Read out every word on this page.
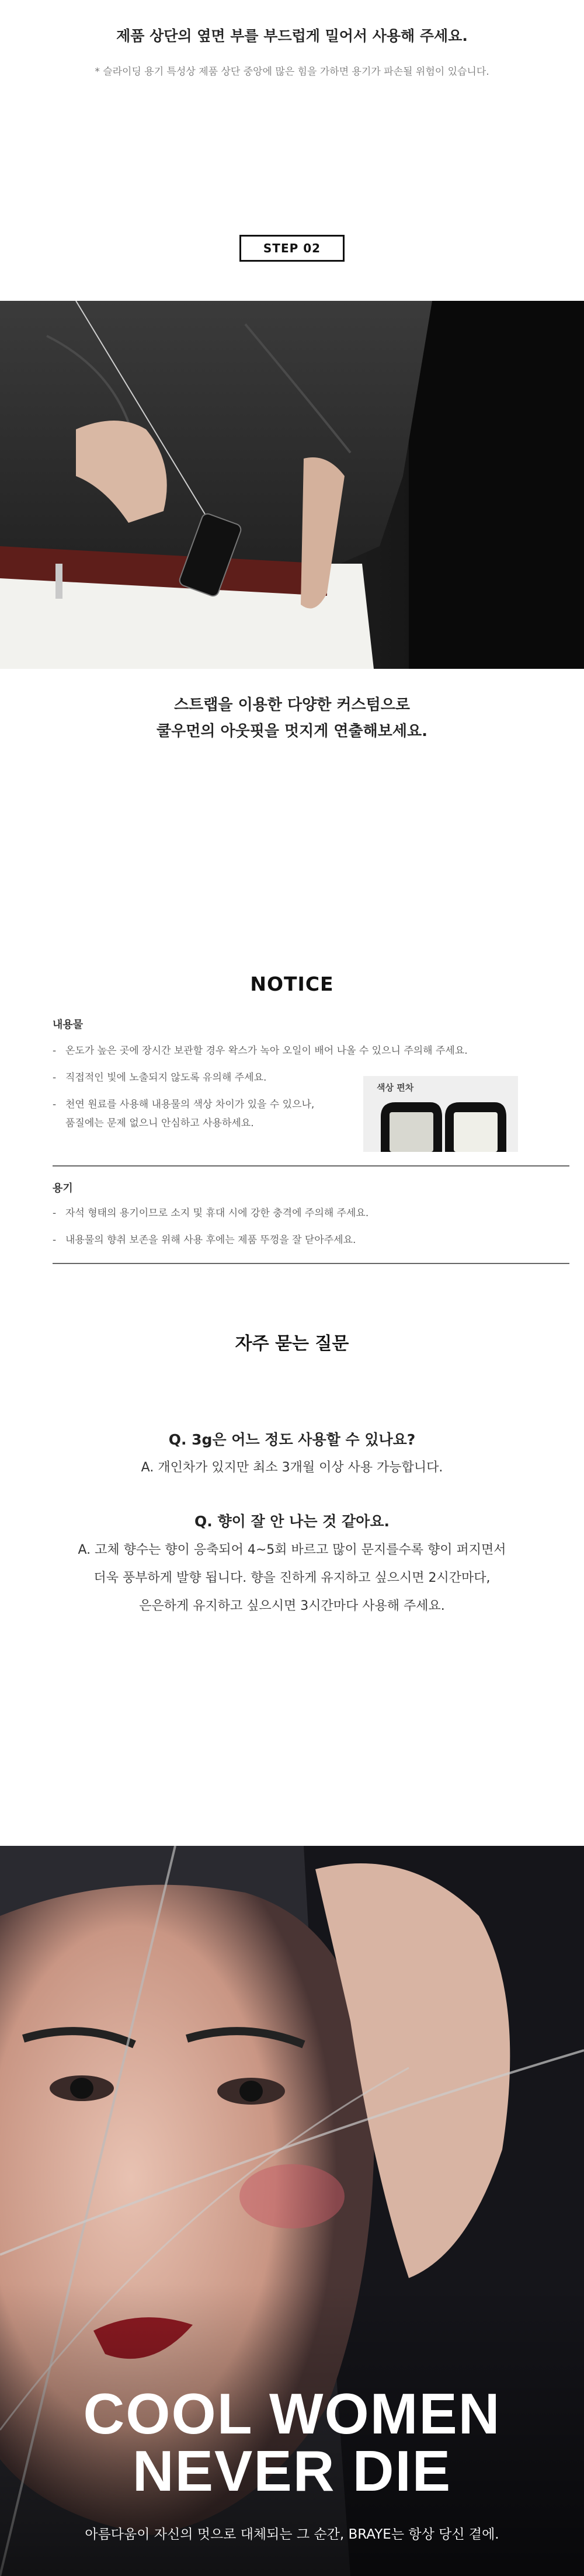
제품 상단의 옆면 부를 부드럽게 밀어서 사용해 주세요.
* 슬라이딩 용기 특성상 제품 상단 중앙에 많은 힘을 가하면 용기가 파손될 위험이 있습니다.
STEP 02
스트랩을 이용한 다양한 커스텀으로
쿨우먼의 아웃핏을 멋지게 연출해보세요.
NOTICE
내용물
- 온도가 높은 곳에 장시간 보관할 경우 왁스가 녹아 오일이 배어 나올 수 있으니 주의해 주세요.
- 직접적인 빛에 노출되지 않도록 유의해 주세요.
- 천연 원료를 사용해 내용물의 색상 차이가 있을 수 있으나,
품질에는 문제 없으니 안심하고 사용하세요.
색상 편차
용기
- 자석 형태의 용기이므로 소지 및 휴대 시에 강한 충격에 주의해 주세요.
- 내용물의 향취 보존을 위해 사용 후에는 제품 뚜껑을 잘 닫아주세요.
자주 묻는 질문
Q. 3g은 어느 정도 사용할 수 있나요?
A. 개인차가 있지만 최소 3개월 이상 사용 가능합니다.
Q. 향이 잘 안 나는 것 같아요.
A. 고체 향수는 향이 응축되어 4~5회 바르고 많이 문지를수록 향이 퍼지면서
더욱 풍부하게 발향 됩니다. 향을 진하게 유지하고 싶으시면 2시간마다,
은은하게 유지하고 싶으시면 3시간마다 사용해 주세요.
COOL WOMEN
NEVER DIE
아름다움이 자신의 멋으로 대체되는 그 순간, BRAYE는 항상 당신 곁에.
